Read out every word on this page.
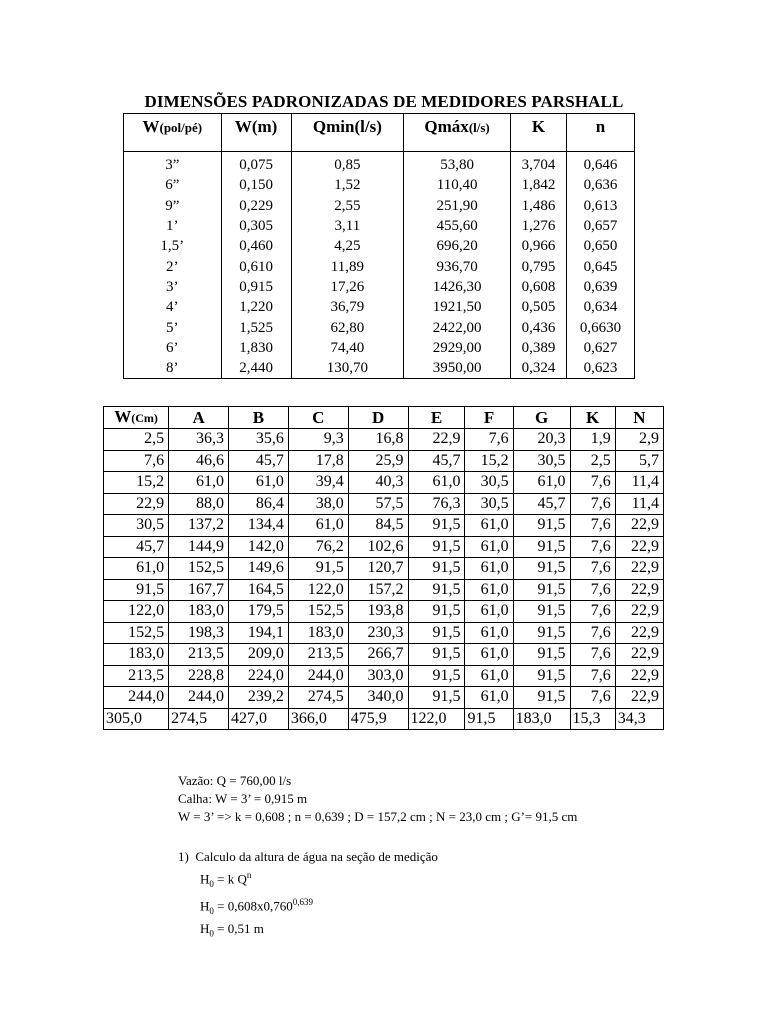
DIMENSÕES PADRONIZADAS DE MEDIDORES PARSHALL
W(pol/pé)	W(m)	Qmin(l/s)	Qmáx(l/s)	K	n
3”	0,075	0,85	53,80	3,704	0,646
6”	0,150	1,52	110,40	1,842	0,636
9”	0,229	2,55	251,90	1,486	0,613
1’	0,305	3,11	455,60	1,276	0,657
1,5’	0,460	4,25	696,20	0,966	0,650
2’	0,610	11,89	936,70	0,795	0,645
3’	0,915	17,26	1426,30	0,608	0,639
4’	1,220	36,79	1921,50	0,505	0,634
5’	1,525	62,80	2422,00	0,436	0,6630
6’	1,830	74,40	2929,00	0,389	0,627
8’	2,440	130,70	3950,00	0,324	0,623
W(Cm)	A	B	C	D	E	F	G	K	N
2,5	36,3	35,6	9,3	16,8	22,9	7,6	20,3	1,9	2,9
7,6	46,6	45,7	17,8	25,9	45,7	15,2	30,5	2,5	5,7
15,2	61,0	61,0	39,4	40,3	61,0	30,5	61,0	7,6	11,4
22,9	88,0	86,4	38,0	57,5	76,3	30,5	45,7	7,6	11,4
30,5	137,2	134,4	61,0	84,5	91,5	61,0	91,5	7,6	22,9
45,7	144,9	142,0	76,2	102,6	91,5	61,0	91,5	7,6	22,9
61,0	152,5	149,6	91,5	120,7	91,5	61,0	91,5	7,6	22,9
91,5	167,7	164,5	122,0	157,2	91,5	61,0	91,5	7,6	22,9
122,0	183,0	179,5	152,5	193,8	91,5	61,0	91,5	7,6	22,9
152,5	198,3	194,1	183,0	230,3	91,5	61,0	91,5	7,6	22,9
183,0	213,5	209,0	213,5	266,7	91,5	61,0	91,5	7,6	22,9
213,5	228,8	224,0	244,0	303,0	91,5	61,0	91,5	7,6	22,9
244,0	244,0	239,2	274,5	340,0	91,5	61,0	91,5	7,6	22,9
305,0	274,5	427,0	366,0	475,9	122,0	91,5	183,0	15,3	34,3
Vazão: Q = 760,00 l/s
Calha: W = 3’ = 0,915 m
W = 3’ => k = 0,608 ; n = 0,639 ; D = 157,2 cm ; N = 23,0 cm ; G’= 91,5 cm
1)  Calculo da altura de água na seção de medição
$H_0 = k$ $Q^n$
$H_0 = 0,608x0,760^{0,639}$
$H_0 = 0,51$ m
